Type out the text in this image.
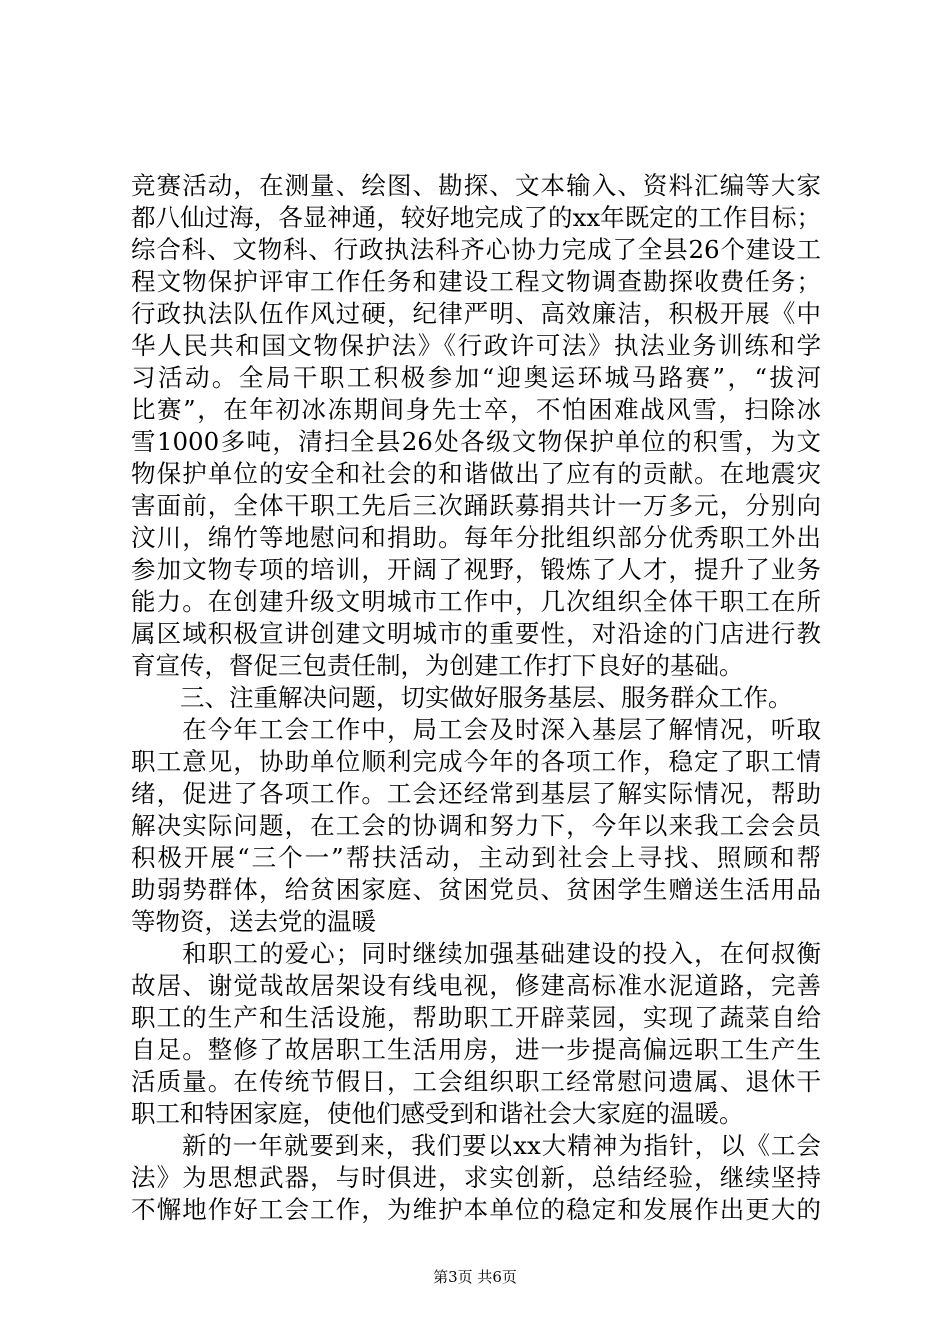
竞赛活动，在测量、绘图、勘探、文本输入、资料汇编等大家
都八仙过海，各显神通，较好地完成了的xx年既定的工作目标；
综合科、文物科、行政执法科齐心协力完成了全县26个建设工
程文物保护评审工作任务和建设工程文物调查勘探收费任务；
行政执法队伍作风过硬，纪律严明、高效廉洁，积极开展《中
华人民共和国文物保护法》《行政许可法》执法业务训练和学
习活动。全局干职工积极参加“迎奥运环城马路赛”，“拔河
比赛”，在年初冰冻期间身先士卒，不怕困难战风雪，扫除冰
雪1000多吨，清扫全县26处各级文物保护单位的积雪，为文
物保护单位的安全和社会的和谐做出了应有的贡献。在地震灾
害面前，全体干职工先后三次踊跃募捐共计一万多元，分别向
汶川，绵竹等地慰问和捐助。每年分批组织部分优秀职工外出
参加文物专项的培训，开阔了视野，锻炼了人才，提升了业务
能力。在创建升级文明城市工作中，几次组织全体干职工在所
属区域积极宣讲创建文明城市的重要性，对沿途的门店进行教
育宣传，督促三包责任制，为创建工作打下良好的基础。
　　三、注重解决问题，切实做好服务基层、服务群众工作。
　　在今年工会工作中，局工会及时深入基层了解情况，听取
职工意见，协助单位顺利完成今年的各项工作，稳定了职工情
绪，促进了各项工作。工会还经常到基层了解实际情况，帮助
解决实际问题，在工会的协调和努力下，今年以来我工会会员
积极开展“三个一”帮扶活动，主动到社会上寻找、照顾和帮
助弱势群体，给贫困家庭、贫困党员、贫困学生赠送生活用品
等物资，送去党的温暖
　　和职工的爱心；同时继续加强基础建设的投入，在何叔衡
故居、谢觉哉故居架设有线电视，修建高标准水泥道路，完善
职工的生产和生活设施，帮助职工开辟菜园，实现了蔬菜自给
自足。整修了故居职工生活用房，进一步提高偏远职工生产生
活质量。在传统节假日，工会组织职工经常慰问遗属、退休干
职工和特困家庭，使他们感受到和谐社会大家庭的温暖。
　　新的一年就要到来，我们要以xx大精神为指针，以《工会
法》为思想武器，与时俱进，求实创新，总结经验，继续坚持
不懈地作好工会工作，为维护本单位的稳定和发展作出更大的
第3页 共6页
